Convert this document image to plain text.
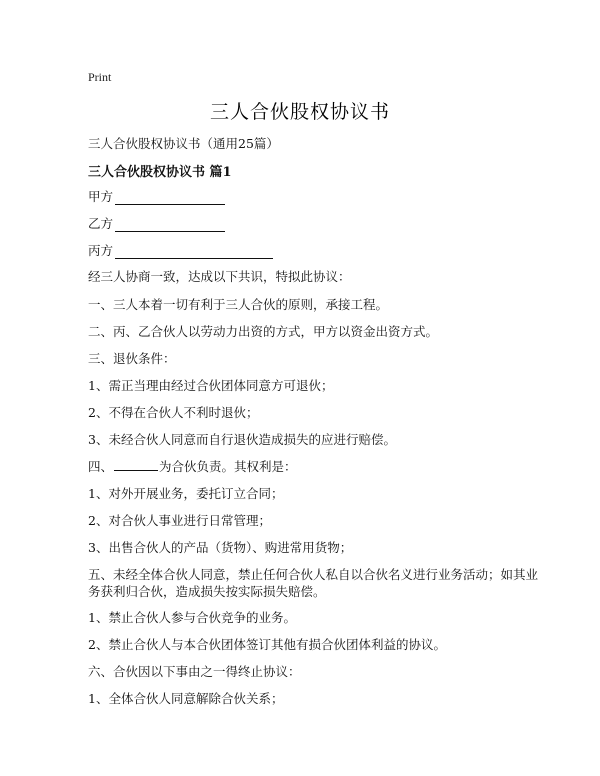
Print
三人合伙股权协议书
三人合伙股权协议书（通用25篇）
三人合伙股权协议书 篇1
甲方
乙方
丙方
经三人协商一致，达成以下共识，特拟此协议：
一、三人本着一切有利于三人合伙的原则，承接工程。
二、丙、乙合伙人以劳动力出资的方式，甲方以资金出资方式。
三、退伙条件：
1、需正当理由经过合伙团体同意方可退伙；
2、不得在合伙人不利时退伙；
3、未经合伙人同意而自行退伙造成损失的应进行赔偿。
四、	为合伙负责。其权利是：
1、对外开展业务，委托订立合同；
2、对合伙人事业进行日常管理；
3、出售合伙人的产品（货物）、购进常用货物；
五、未经全体合伙人同意，禁止任何合伙人私自以合伙名义进行业务活动；如其业
务获利归合伙，造成损失按实际损失赔偿。
1、禁止合伙人参与合伙竞争的业务。
2、禁止合伙人与本合伙团体签订其他有损合伙团体利益的协议。
六、合伙因以下事由之一得终止协议：
1、全体合伙人同意解除合伙关系；
